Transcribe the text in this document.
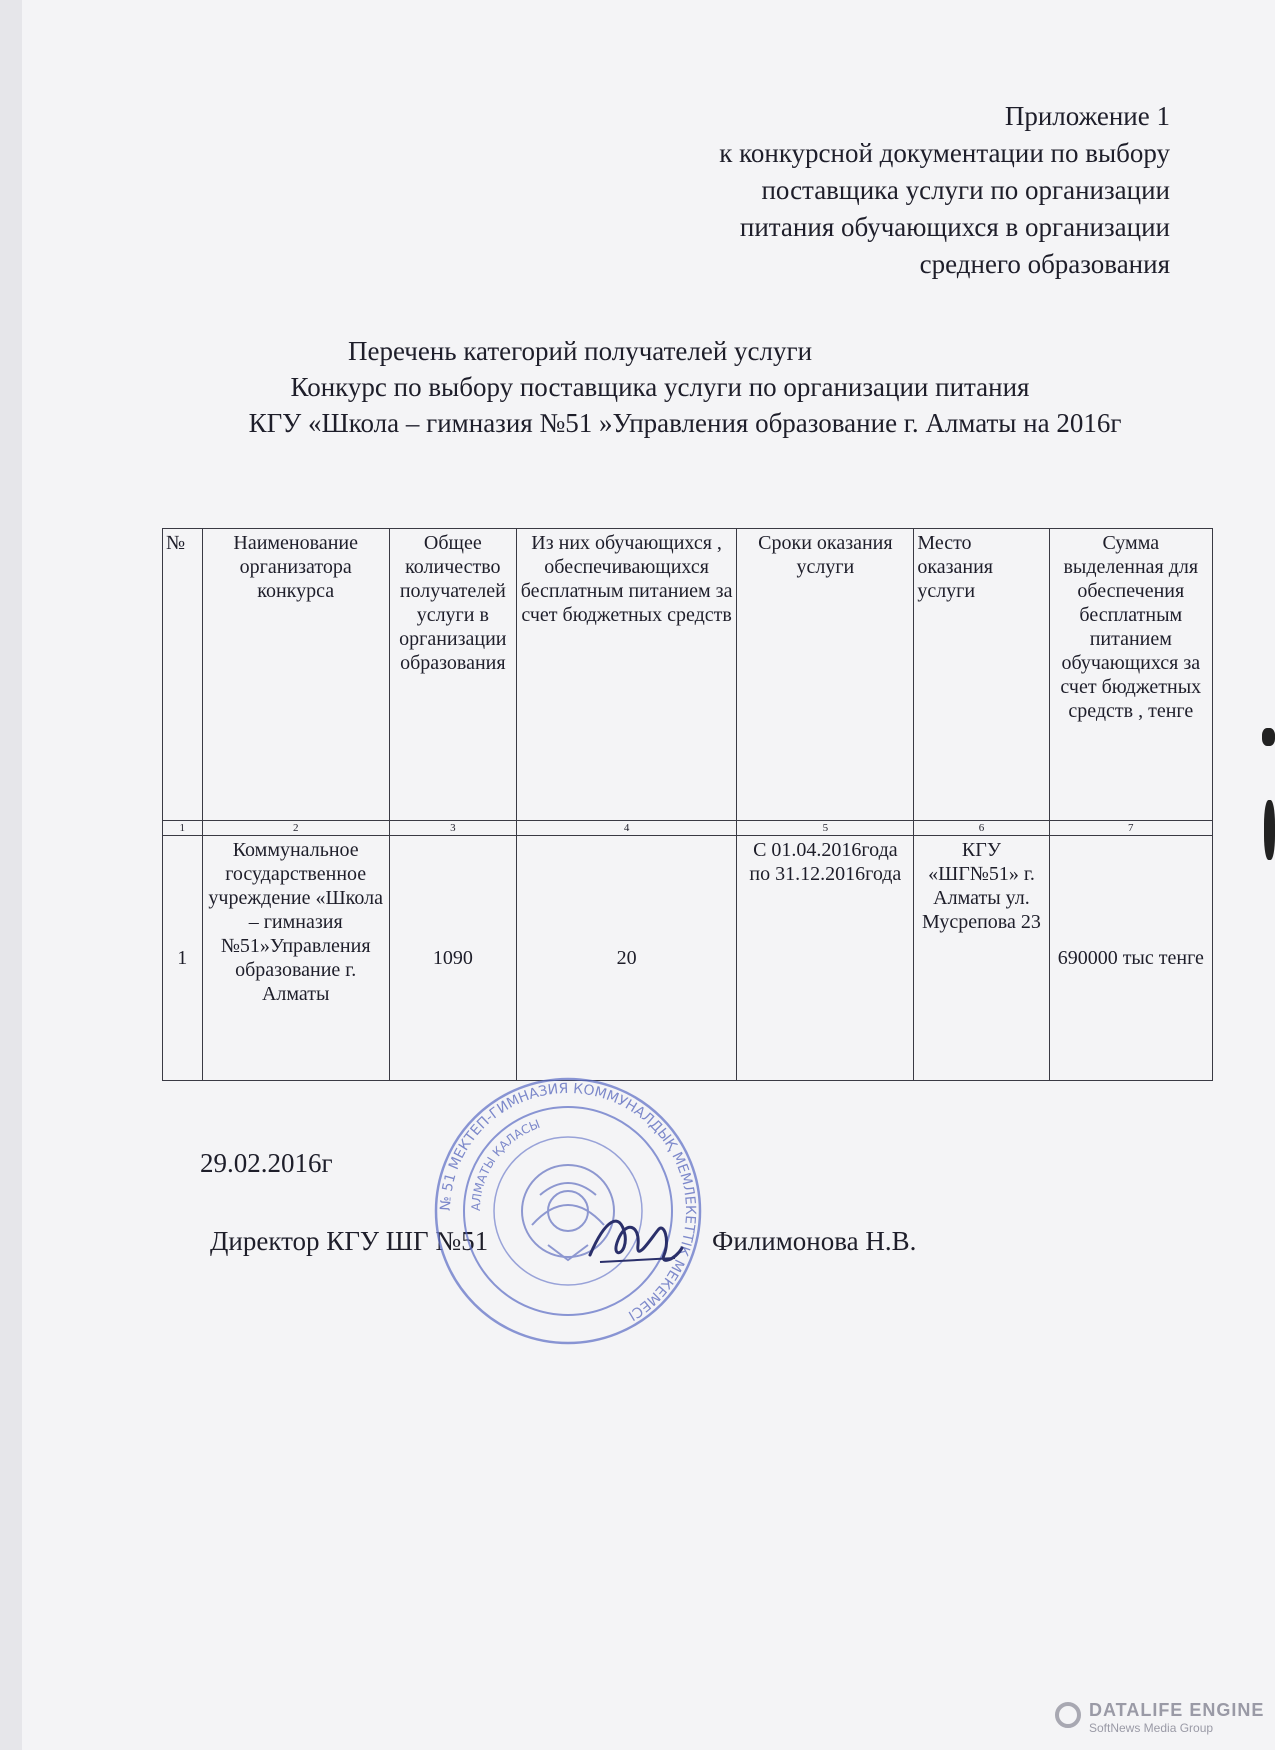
Приложение 1
к конкурсной документации по выбору
поставщика услуги по организации
питания обучающихся в организации
среднего образования
Перечень категорий получателей услуги
Конкурс по выбору поставщика услуги по организации питания
КГУ «Школа – гимназия №51 »Управления образование г. Алматы на 2016г
№	Наименование организатора конкурса	Общее количество получателей услуги в организации образования	Из них обучающихся , обеспечивающихся бесплатным питанием за счет бюджетных средств	Сроки оказания услуги	Место оказания услуги	Сумма выделенная для обеспечения бесплатным питанием обучающихся за счет бюджетных средств , тенге
1	2	3	4	5	6	7
1	Коммунальное государственное учреждение «Школа – гимназия №51»Управления образование г. Алматы	1090	20	С 01.04.2016года по 31.12.2016года	КГУ «ШГ№51» г. Алматы ул. Мусрепова 23	690000 тыс тенге
29.02.2016г
Директор КГУ ШГ №51	Филимонова Н.В.
№ 51 МЕКТЕП-ГИМНАЗИЯ КОММУНАЛДЫҚ МЕМЛЕКЕТТІК МЕКЕМЕСІ
АЛМАТЫ ҚАЛАСЫ
DATALIFE ENGINE
SoftNews Media Group
